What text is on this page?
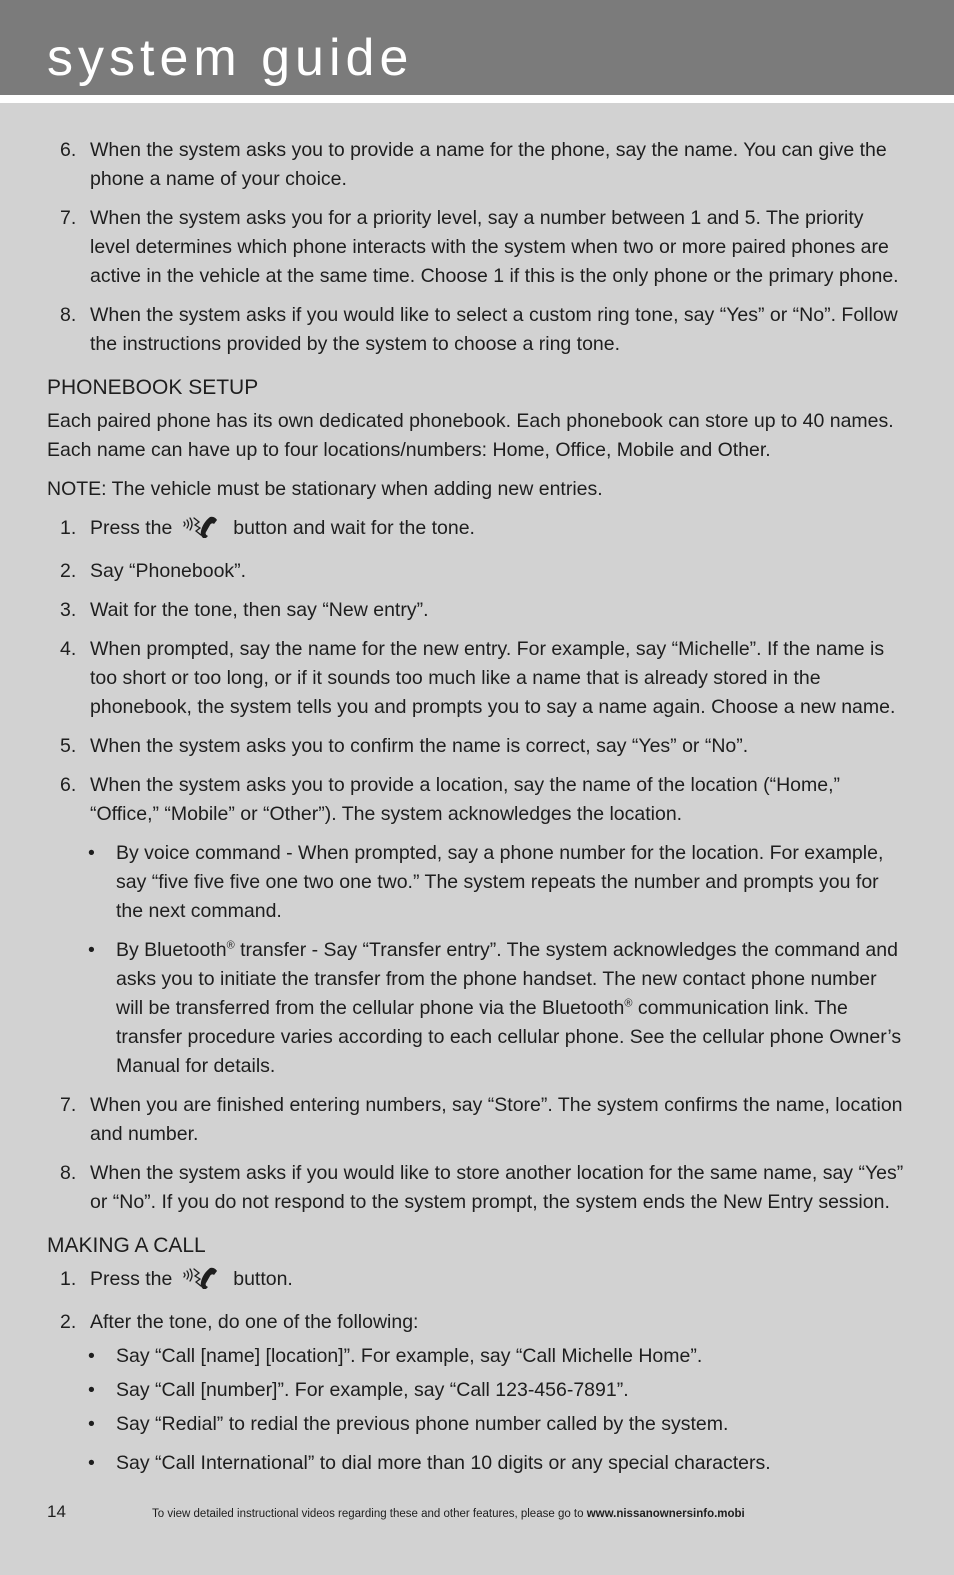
system guide
6. When the system asks you to provide a name for the phone, say the name. You can give the phone a name of your choice.
7. When the system asks you for a priority level, say a number between 1 and 5. The priority level determines which phone interacts with the system when two or more paired phones are active in the vehicle at the same time. Choose 1 if this is the only phone or the primary phone.
8. When the system asks if you would like to select a custom ring tone, say “Yes” or “No”. Follow the instructions provided by the system to choose a ring tone.
PHONEBOOK SETUP
Each paired phone has its own dedicated phonebook. Each phonebook can store up to 40 names. Each name can have up to four locations/numbers: Home, Office, Mobile and Other.
NOTE: The vehicle must be stationary when adding new entries.
1. Press the	button and wait for the tone.
2. Say “Phonebook”.
3. Wait for the tone, then say “New entry”.
4. When prompted, say the name for the new entry. For example, say “Michelle”. If the name is too short or too long, or if it sounds too much like a name that is already stored in the phonebook, the system tells you and prompts you to say a name again. Choose a new name.
5. When the system asks you to confirm the name is correct, say “Yes” or “No”.
6. When the system asks you to provide a location, say the name of the location (“Home,” “Office,” “Mobile” or “Other”). The system acknowledges the location.
• By voice command - When prompted, say a phone number for the location. For example, say “five five five one two one two.” The system repeats the number and prompts you for the next command.
• By Bluetooth® transfer - Say “Transfer entry”. The system acknowledges the command and asks you to initiate the transfer from the phone handset. The new contact phone number will be transferred from the cellular phone via the Bluetooth® communication link. The transfer procedure varies according to each cellular phone. See the cellular phone Owner’s Manual for details.
7. When you are finished entering numbers, say “Store”. The system confirms the name, location and number.
8. When the system asks if you would like to store another location for the same name, say “Yes” or “No”. If you do not respond to the system prompt, the system ends the New Entry session.
MAKING A CALL
1. Press the	button.
2. After the tone, do one of the following:
• Say “Call [name] [location]”. For example, say “Call Michelle Home”.
• Say “Call [number]”. For example, say “Call 123-456-7891”.
• Say “Redial” to redial the previous phone number called by the system.
• Say “Call International” to dial more than 10 digits or any special characters.
14	To view detailed instructional videos regarding these and other features, please go to www.nissanownersinfo.mobi
